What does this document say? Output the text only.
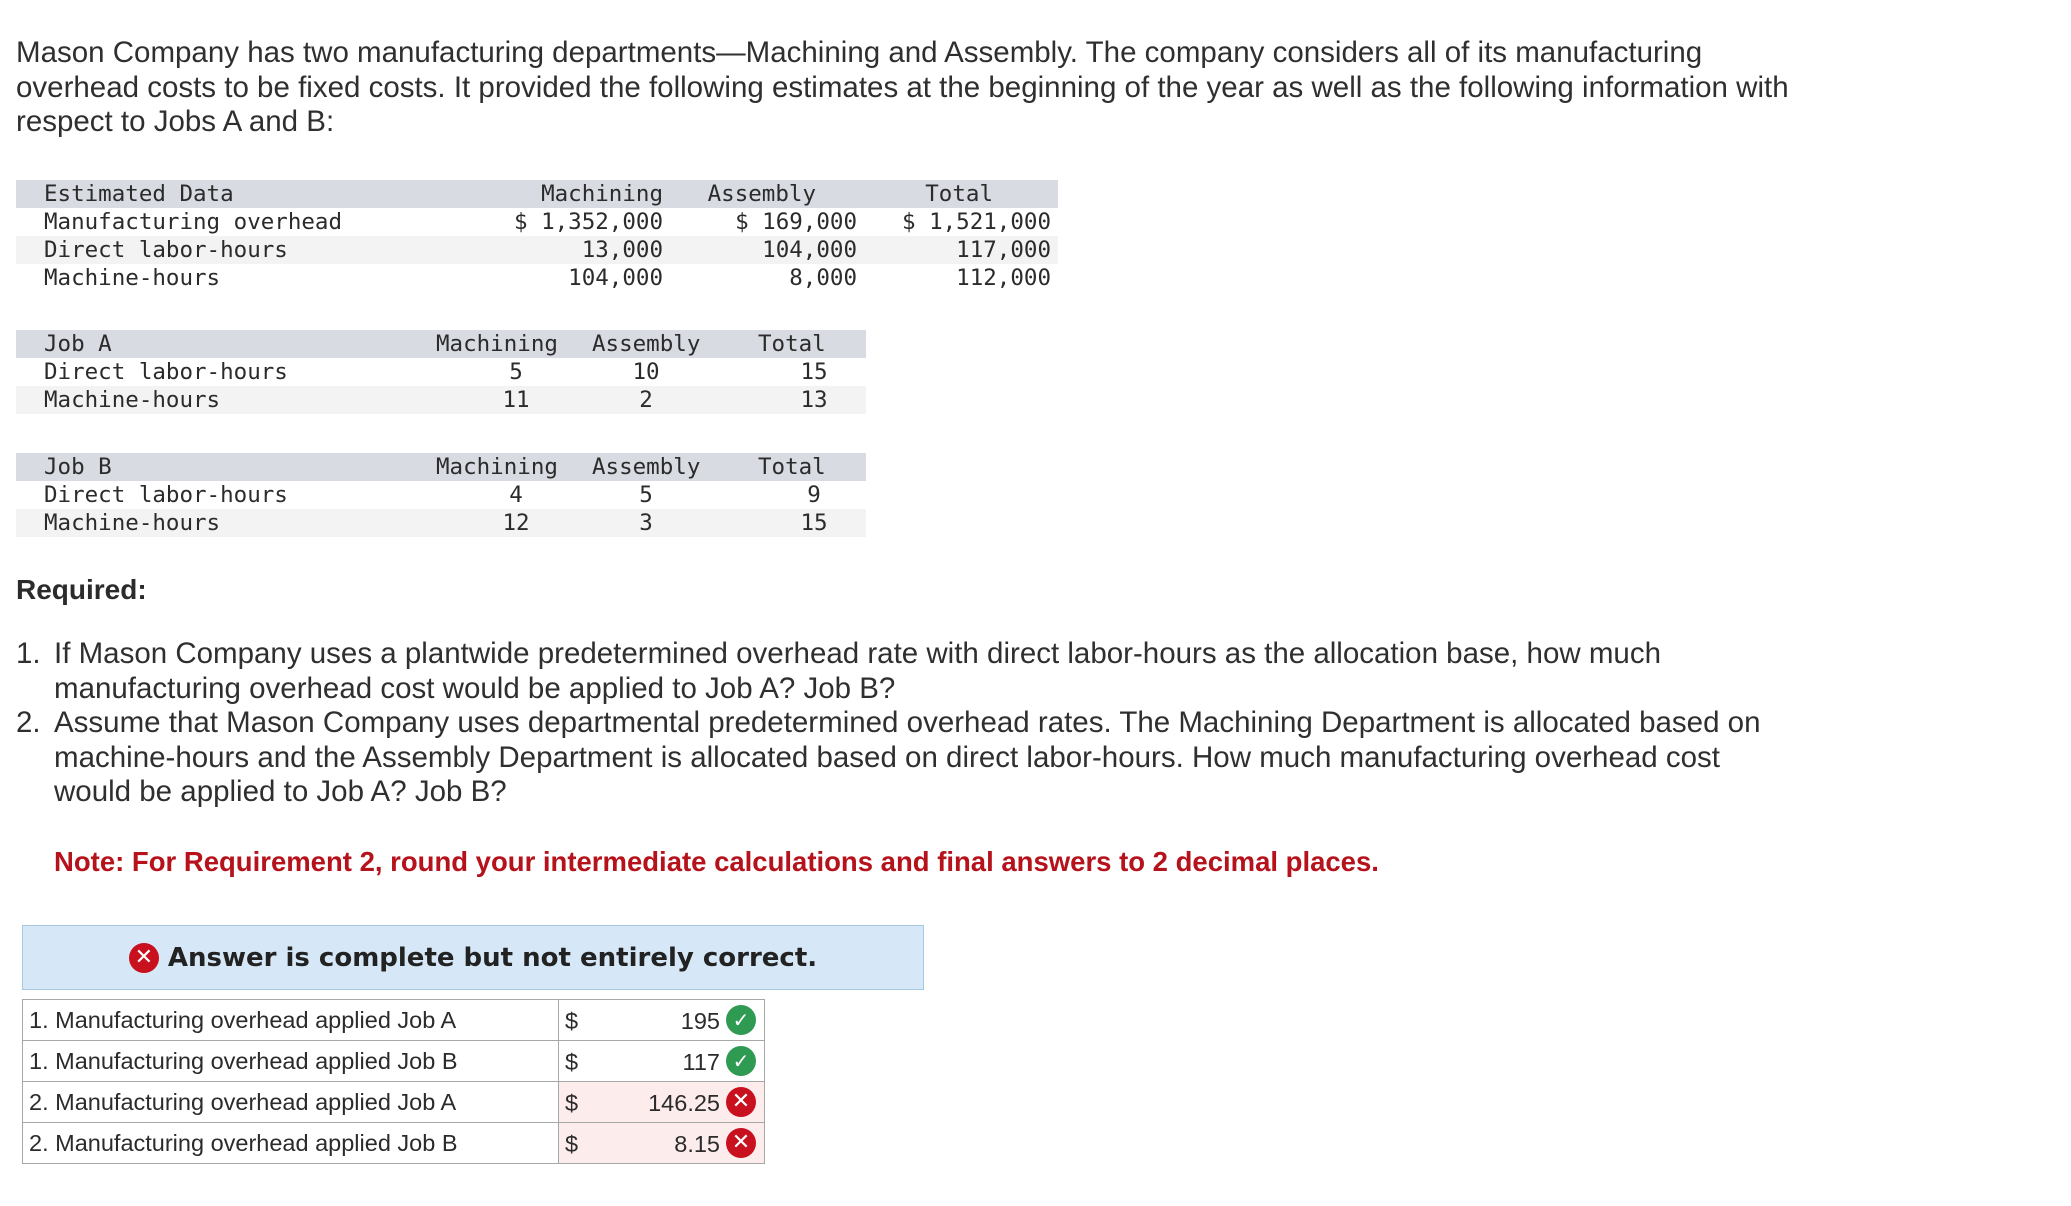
Mason Company has two manufacturing departments—Machining and Assembly. The company considers all of its manufacturing overhead costs to be fixed costs. It provided the following estimates at the beginning of the year as well as the following information with respect to Jobs A and B:

Estimated Data	Machining Assembly	Total
Manufacturing overhead	$ 1,352,000	$ 169,000 $ 1,521,000
Direct labor-hours	13,000	104,000	117,000
Machine-hours	104,000	8,000	112,000
Job A	Machining Assembly	Total
Direct labor-hours	5	10	15
Machine-hours	11	2	13
Job B	Machining Assembly	Total
Direct labor-hours	4	5	9
Machine-hours	12	3	15
Required:
1. If Mason Company uses a plantwide predetermined overhead rate with direct labor-hours as the allocation base, how much manufacturing overhead cost would be applied to Job A? Job B?
2. Assume that Mason Company uses departmental predetermined overhead rates. The Machining Department is allocated based on machine-hours and the Assembly Department is allocated based on direct labor-hours. How much manufacturing overhead cost would be applied to Job A? Job B?

Note: For Requirement 2, round your intermediate calculations and final answers to 2 decimal places.

✕ Answer is complete but not entirely correct.
1. Manufacturing overhead applied Job A	$ 195 ✓

1. Manufacturing overhead applied Job B	$ 117 ✓

2. Manufacturing overhead applied Job A	$ 146.25 ✕

2. Manufacturing overhead applied Job B	$ 8.15 ✕
